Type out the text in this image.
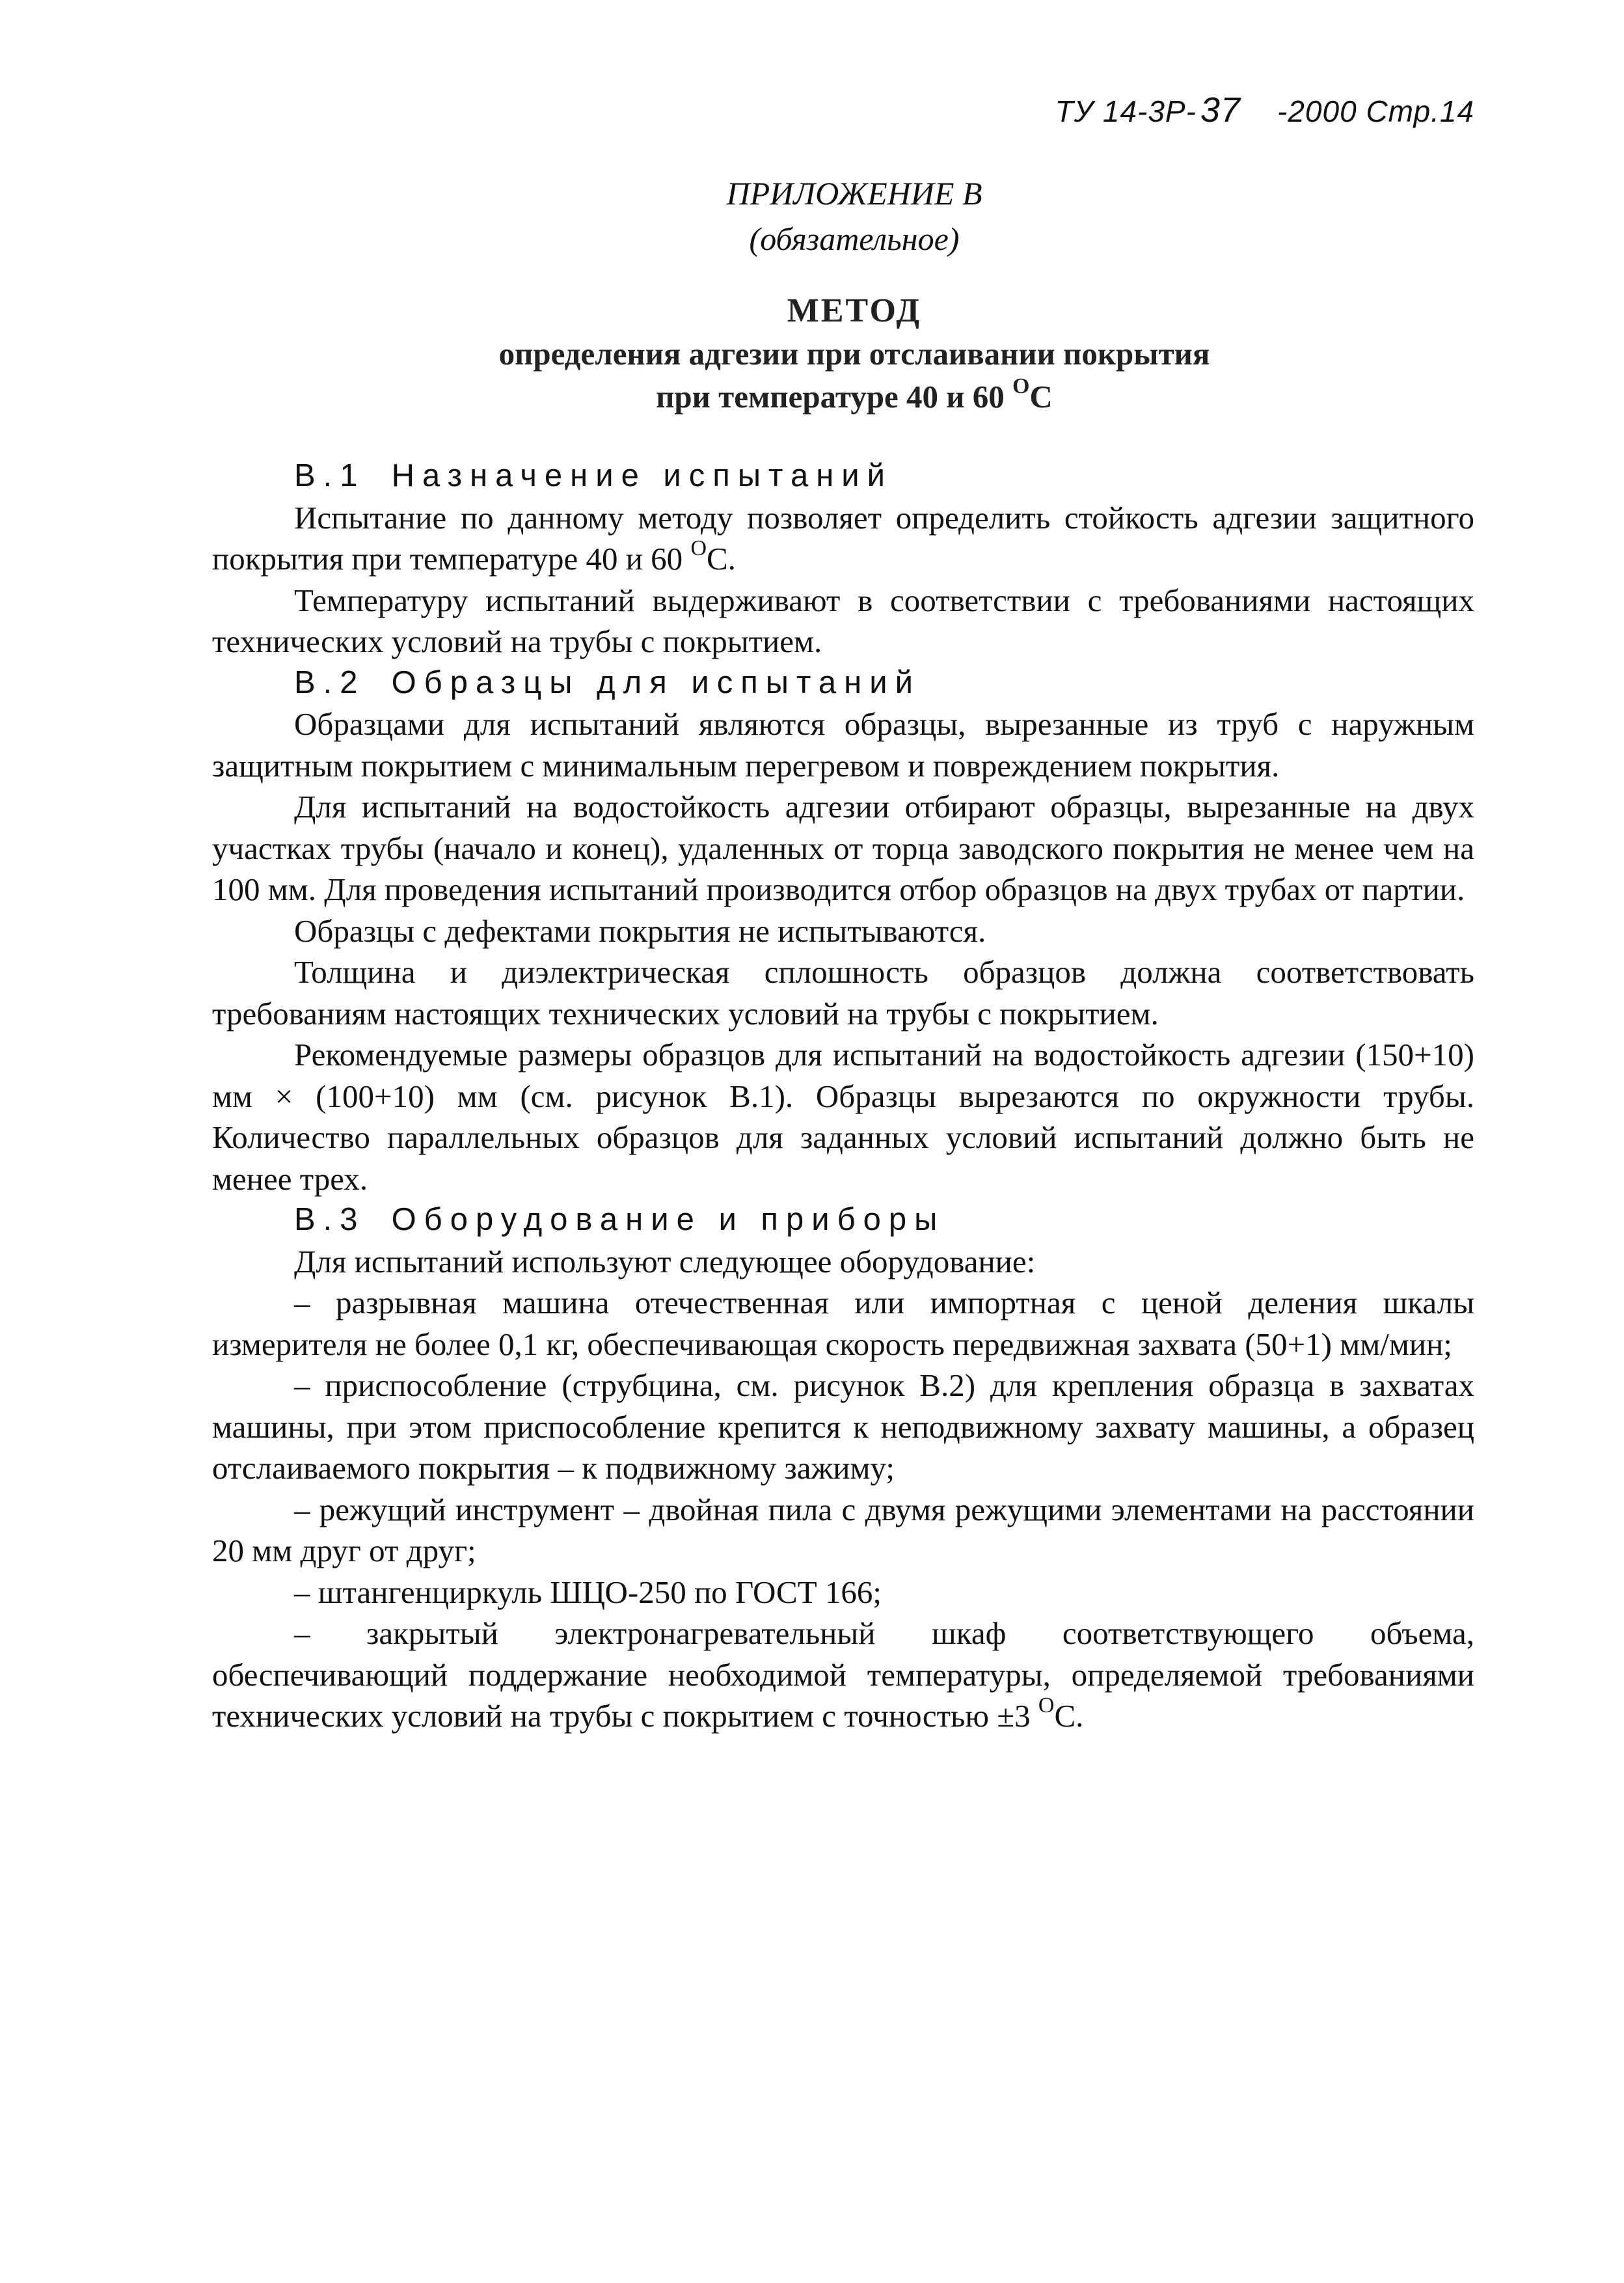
ТУ 14-3Р- 37 -2000 Стр.14
ПРИЛОЖЕНИЕ В
(обязательное)
МЕТОД
определения адгезии при отслаивании покрытия
при температуре 40 и 60 $^О$С
В.1 Назначение испытаний

Испытание по данному методу позволяет определить стойкость адгезии защитного покрытия при температуре 40 и 60 $^О$С.

Температуру испытаний выдерживают в соответствии с требованиями настоящих технических условий на трубы с покрытием.

В.2 Образцы для испытаний

Образцами для испытаний являются образцы, вырезанные из труб с наружным защитным покрытием с минимальным перегревом и повреждением покрытия.

Для испытаний на водостойкость адгезии отбирают образцы, вырезанные на двух участках трубы (начало и конец), удаленных от торца заводского покрытия не менее чем на 100 мм. Для проведения испытаний производится отбор образцов на двух трубах от партии.

Образцы с дефектами покрытия не испытываются.

Толщина и диэлектрическая сплошность образцов должна соответствовать требованиям настоящих технических условий на трубы с покрытием.

Рекомендуемые размеры образцов для испытаний на водостойкость адгезии (150+10) мм × (100+10) мм (см. рисунок В.1). Образцы вырезаются по окружности трубы. Количество параллельных образцов для заданных условий испытаний должно быть не менее трех.

В.3 Оборудование и приборы

Для испытаний используют следующее оборудование:

– разрывная машина отечественная или импортная с ценой деления шкалы измерителя не более 0,1 кг, обеспечивающая скорость передвижная захвата (50+1) мм/мин;

– приспособление (струбцина, см. рисунок В.2) для крепления образца в захватах машины, при этом приспособление крепится к неподвижному захвату машины, а образец отслаиваемого покрытия – к подвижному зажиму;

– режущий инструмент – двойная пила с двумя режущими элементами на расстоянии 20 мм друг от друг;

– штангенциркуль ШЦО-250 по ГОСТ 166;

– закрытый электронагревательный шкаф соответствующего объема, обеспечивающий поддержание необходимой температуры, определяемой требованиями технических условий на трубы с покрытием с точностью ±3 $^О$С.
